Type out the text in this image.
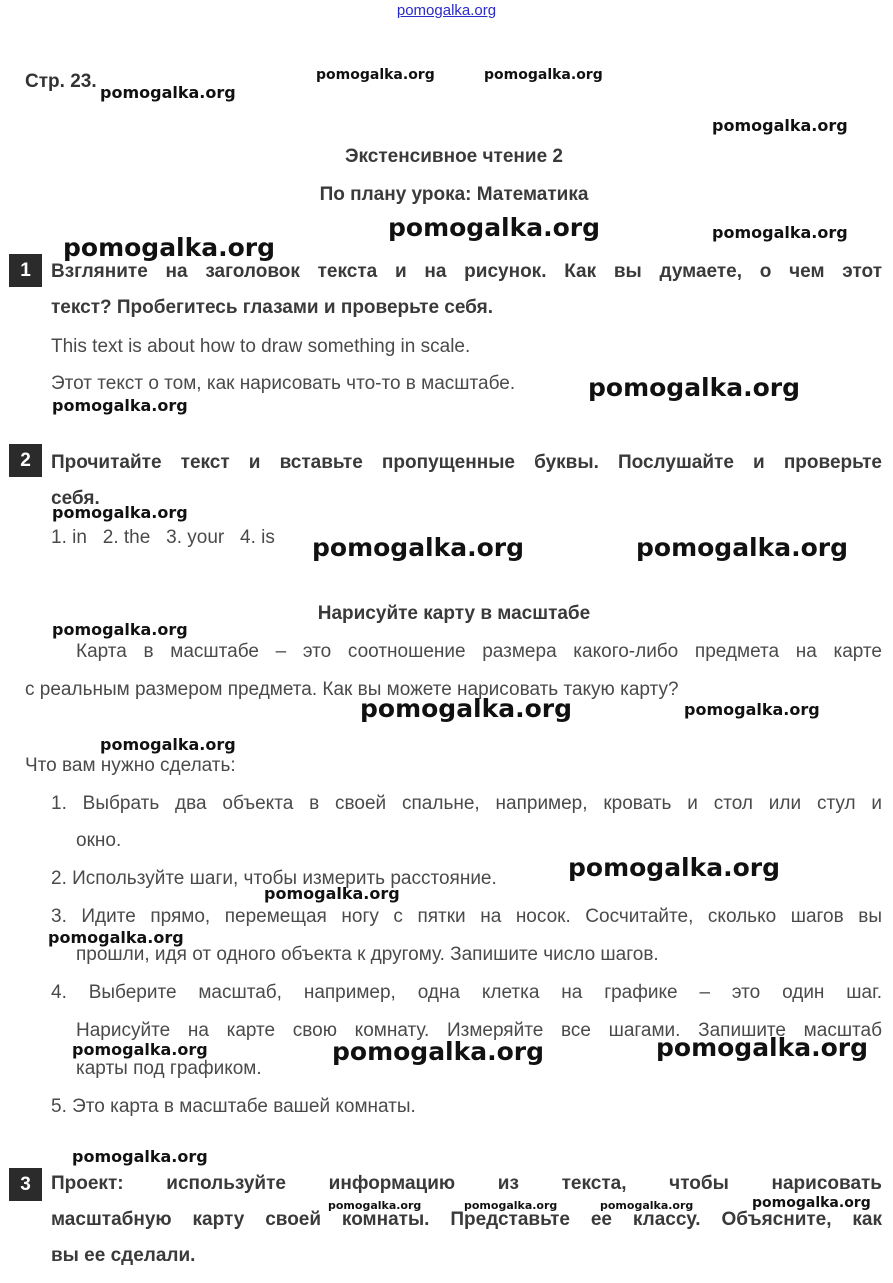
pomogalka.org
Стр. 23.
Экстенсивное чтение 2
По плану урока: Математика
1	Взгляните на заголовок текста и на рисунок. Как вы думаете, о чем этот
текст? Пробегитесь глазами и проверьте себя.
This text is about how to draw something in scale.
Этот текст о том, как нарисовать что-то в масштабе.
2	Прочитайте текст и вставьте пропущенные буквы. Послушайте и проверьте
себя.
1. in   2. the   3. your   4. is
Нарисуйте карту в масштабе
Карта в масштабе – это соотношение размера какого-либо предмета на карте
с реальным размером предмета. Как вы можете нарисовать такую карту?
Что вам нужно сделать:
1. Выбрать два объекта в своей спальне, например, кровать и стол или стул и
окно.
2. Используйте шаги, чтобы измерить расстояние.
3. Идите прямо, перемещая ногу с пятки на носок. Сосчитайте, сколько шагов вы
прошли, идя от одного объекта к другому. Запишите число шагов.
4. Выберите масштаб, например, одна клетка на графике – это один шаг.
Нарисуйте на карте свою комнату. Измеряйте все шагами. Запишите масштаб
карты под графиком.
5. Это карта в масштабе вашей комнаты.
3	Проект: используйте информацию из текста, чтобы нарисовать
масштабную карту своей комнаты. Представьте ее классу. Объясните, как
вы ее сделали.
pomogalka.org
pomogalka.org	pomogalka.org
pomogalka.org
pomogalka.org
pomogalka.org	pomogalka.org
pomogalka.org
pomogalka.org
pomogalka.org
pomogalka.org	pomogalka.org
pomogalka.org
pomogalka.org	pomogalka.org
pomogalka.org
pomogalka.org
pomogalka.org
pomogalka.org
pomogalka.org	pomogalka.org	pomogalka.org
pomogalka.org
pomogalka.org	pomogalka.org	pomogalka.org	pomogalka.org
